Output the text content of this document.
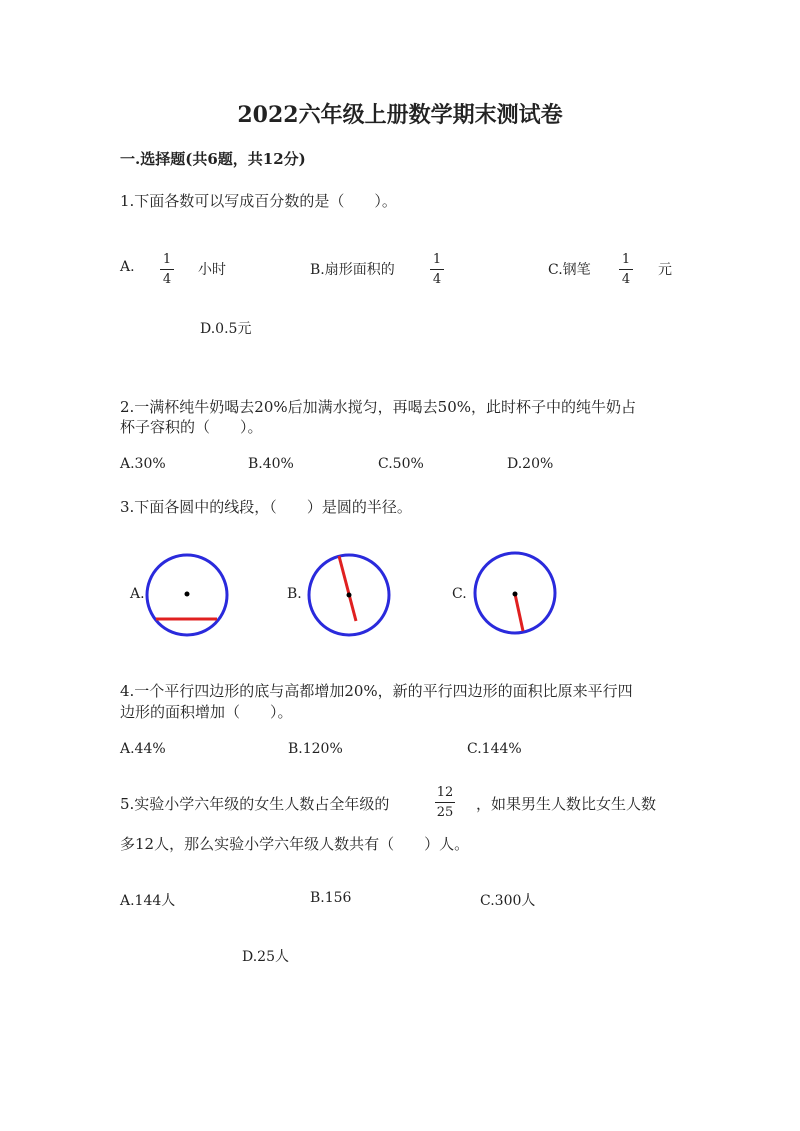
2022六年级上册数学期末测试卷
一.选择题(共6题，共12分)
1.下面各数可以写成百分数的是（　　）。
A. 1
4
小时	B.扇形面积的
1
4
C.钢笔
1
4
元
D.0.5元
2.一满杯纯牛奶喝去20%后加满水搅匀，再喝去50%，此时杯子中的纯牛奶占
杯子容积的（　　）。
A.30%	B.40%	C.50%	D.20%
3.下面各圆中的线段，（　　）是圆的半径。
A.	B.	C.
4.一个平行四边形的底与高都增加20%，新的平行四边形的面积比原来平行四
边形的面积增加（　　）。
A.44%	B.120%	C.144%
5.实验小学六年级的女生人数占全年级的
12
25 ，如果男生人数比女生人数
多12人，那么实验小学六年级人数共有（　　）人。
A.144人	B.156	C.300人
D.25人
